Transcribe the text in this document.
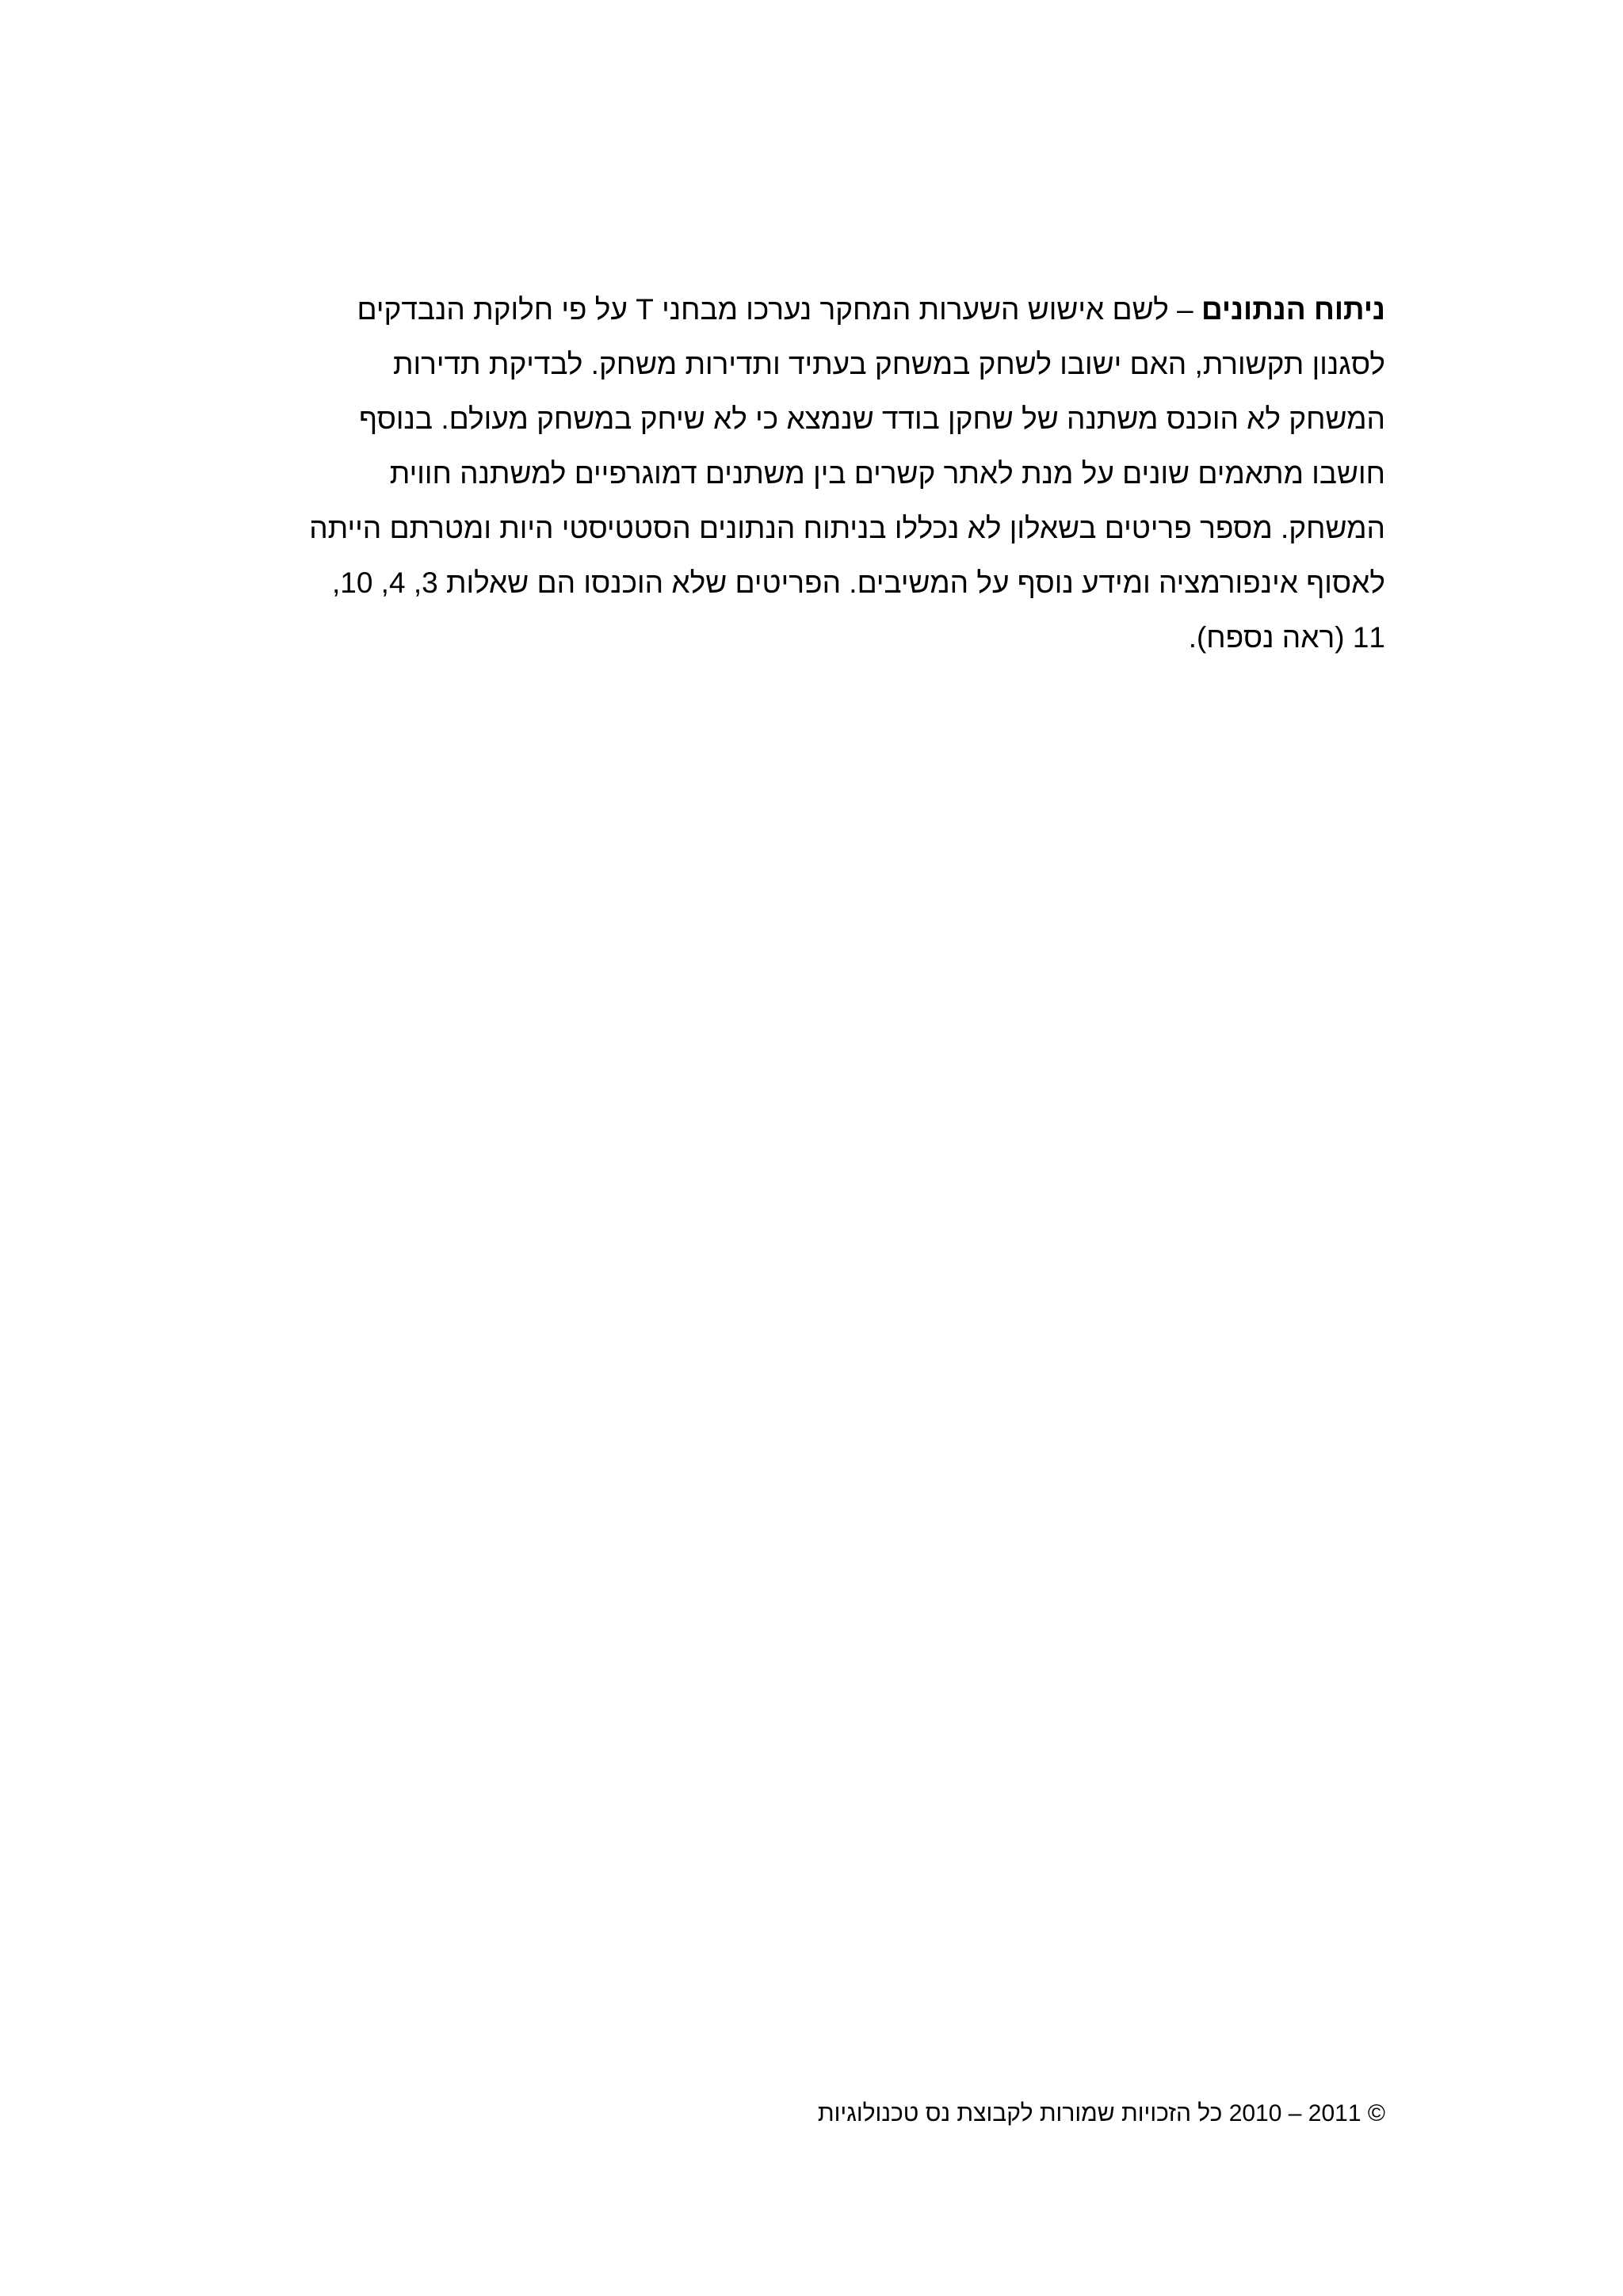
ניתוח הנתונים – לשם אישוש השערות המחקר נערכו מבחני T על פי חלוקת הנבדקים
לסגנון תקשורת, האם ישובו לשחק במשחק בעתיד ותדירות משחק. לבדיקת תדירות
המשחק לא הוכנס משתנה של שחקן בודד שנמצא כי לא שיחק במשחק מעולם. בנוסף
חושבו מתאמים שונים על מנת לאתר קשרים בין משתנים דמוגרפיים למשתנה חווית
המשחק. מספר פריטים בשאלון לא נכללו בניתוח הנתונים הסטטיסטי היות ומטרתם הייתה
לאסוף אינפורמציה ומידע נוסף על המשיבים. הפריטים שלא הוכנסו הם שאלות 3, 4, 10,
11 (ראה נספח).
© 2011 – 2010 כל הזכויות שמורות לקבוצת נס טכנולוגיות
